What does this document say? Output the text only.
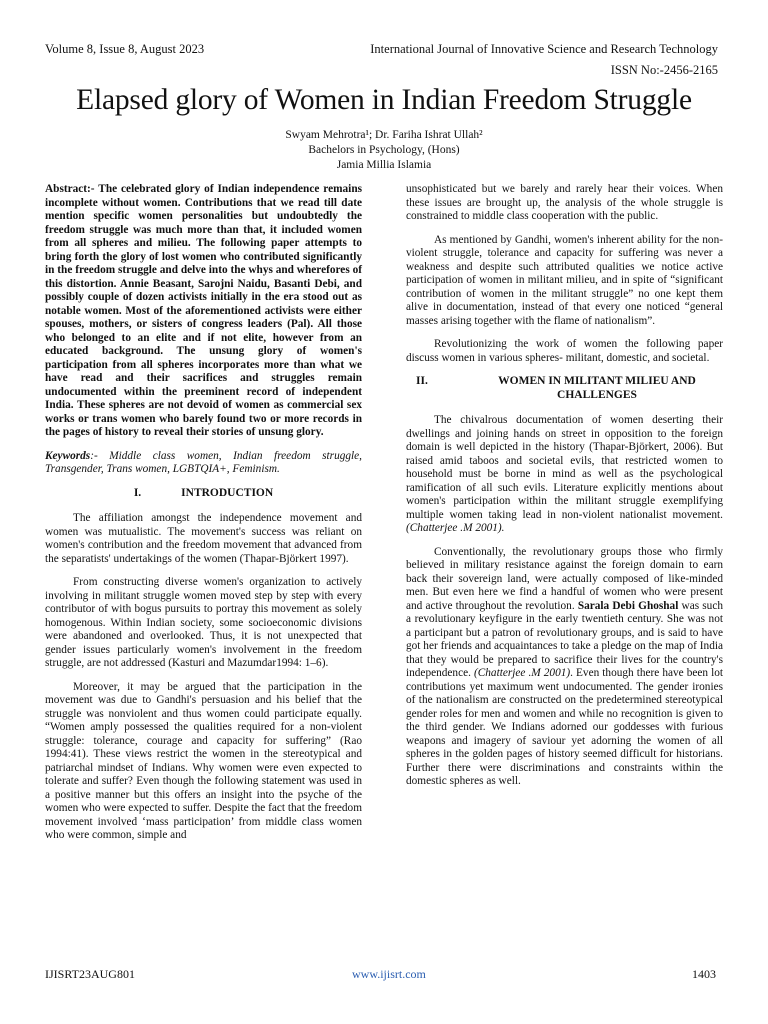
Volume 8, Issue 8, August 2023	International Journal of Innovative Science and Research Technology
ISSN No:-2456-2165
Elapsed glory of Women in Indian Freedom Struggle
Swyam Mehrotra¹; Dr. Fariha Ishrat Ullah²
Bachelors in Psychology, (Hons)
Jamia Millia Islamia

Abstract:- The celebrated glory of Indian independence remains incomplete without women. Contributions that we read till date mention specific women personalities but undoubtedly the freedom struggle was much more than that, it included women from all spheres and milieu. The following paper attempts to bring forth the glory of lost women who contributed significantly in the freedom struggle and delve into the whys and wherefores of this distortion. Annie Beasant, Sarojni Naidu, Basanti Debi, and possibly couple of dozen activists initially in the era stood out as notable women. Most of the aforementioned activists were either spouses, mothers, or sisters of congress leaders (Pal). All those who belonged to an elite and if not elite, however from an educated background. The unsung glory of women's participation from all spheres incorporates more than what we have read and their sacrifices and struggles remain undocumented within the preeminent record of independent India. These spheres are not devoid of women as commercial sex works or trans women who barely found two or more records in the pages of history to reveal their stories of unsung glory.

Keywords:- Middle class women, Indian freedom struggle, Transgender, Trans women, LGBTQIA+, Feminism.

I.	INTRODUCTION

The affiliation amongst the independence movement and women was mutualistic. The movement's success was reliant on women's contribution and the freedom movement that advanced from the separatists' undertakings of the women (Thapar-Björkert 1997).

From constructing diverse women's organization to actively involving in militant struggle women moved step by step with every contributor of with bogus pursuits to portray this movement as solely homogenous. Within Indian society, some socioeconomic divisions were abandoned and overlooked. Thus, it is not unexpected that gender issues particularly women's involvement in the freedom struggle, are not addressed (Kasturi and Mazumdar1994: 1–6).

Moreover, it may be argued that the participation in the movement was due to Gandhi's persuasion and his belief that the struggle was nonviolent and thus women could participate equally. “Women amply possessed the qualities required for a non-violent struggle: tolerance, courage and capacity for suffering” (Rao 1994:41). These views restrict the women in the stereotypical and patriarchal mindset of Indians. Why women were even expected to tolerate and suffer? Even though the following statement was used in a positive manner but this offers an insight into the psyche of the women who were expected to suffer. Despite the fact that the freedom movement involved ‘mass participation’ from middle class women who were common, simple and

unsophisticated but we barely and rarely hear their voices. When these issues are brought up, the analysis of the whole struggle is constrained to middle class cooperation with the public.

As mentioned by Gandhi, women's inherent ability for the non-violent struggle, tolerance and capacity for suffering was never a weakness and despite such attributed qualities we notice active participation of women in militant milieu, and in spite of “significant contribution of women in the militant struggle” no one kept them alive in documentation, instead of that every one noticed “general masses arising together with the flame of nationalism”.

Revolutionizing the work of women the following paper discuss women in various spheres- militant, domestic, and societal.

II.	WOMEN IN MILITANT MILIEU AND CHALLENGES

The chivalrous documentation of women deserting their dwellings and joining hands on street in opposition to the foreign domain is well depicted in the history (Thapar-Björkert, 2006). But raised amid taboos and societal evils, that restricted women to household must be borne in mind as well as the psychological ramification of all such evils. Literature explicitly mentions about women's participation within the militant struggle exemplifying multiple women taking lead in non-violent nationalist movement. (Chatterjee .M 2001).

Conventionally, the revolutionary groups those who firmly believed in military resistance against the foreign domain to earn back their sovereign land, were actually composed of like-minded men. But even here we find a handful of women who were present and active throughout the revolution. Sarala Debi Ghoshal was such a revolutionary keyfigure in the early twentieth century. She was not a participant but a patron of revolutionary groups, and is said to have got her friends and acquaintances to take a pledge on the map of India that they would be prepared to sacrifice their lives for the country's independence. (Chatterjee .M 2001). Even though there have been lot contributions yet maximum went undocumented. The gender ironies of the nationalism are constructed on the predetermined stereotypical gender roles for men and women and while no recognition is given to the third gender. We Indians adorned our goddesses with furious weapons and imagery of saviour yet adorning the women of all spheres in the golden pages of history seemed difficult for historians. Further there were discriminations and constraints within the domestic spheres as well.

IJISRT23AUG801	www.ijisrt.com	1403
